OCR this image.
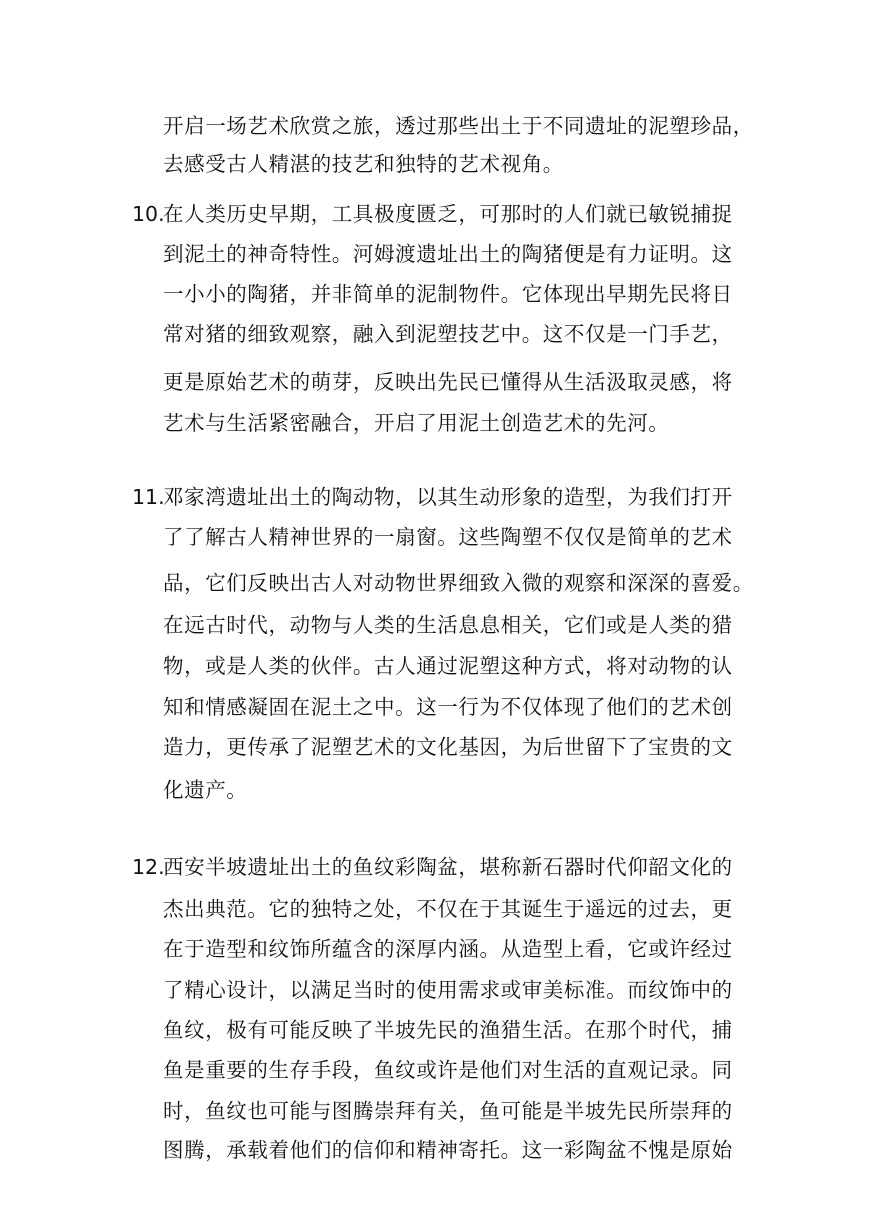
开启一场艺术欣赏之旅，透过那些出土于不同遗址的泥塑珍品，
去感受古人精湛的技艺和独特的艺术视角。
10.
在人类历史早期，工具极度匮乏，可那时的人们就已敏锐捕捉
到泥土的神奇特性。河姆渡遗址出土的陶猪便是有力证明。这
一小小的陶猪，并非简单的泥制物件。它体现出早期先民将日
常对猪的细致观察，融入到泥塑技艺中。这不仅是一门手艺，
更是原始艺术的萌芽，反映出先民已懂得从生活汲取灵感，将
艺术与生活紧密融合，开启了用泥土创造艺术的先河。
11.
邓家湾遗址出土的陶动物，以其生动形象的造型，为我们打开
了了解古人精神世界的一扇窗。这些陶塑不仅仅是简单的艺术
品，它们反映出古人对动物世界细致入微的观察和深深的喜爱。
在远古时代，动物与人类的生活息息相关，它们或是人类的猎
物，或是人类的伙伴。古人通过泥塑这种方式，将对动物的认
知和情感凝固在泥土之中。这一行为不仅体现了他们的艺术创
造力，更传承了泥塑艺术的文化基因，为后世留下了宝贵的文
化遗产。
12.
西安半坡遗址出土的鱼纹彩陶盆，堪称新石器时代仰韶文化的
杰出典范。它的独特之处，不仅在于其诞生于遥远的过去，更
在于造型和纹饰所蕴含的深厚内涵。从造型上看，它或许经过
了精心设计，以满足当时的使用需求或审美标准。而纹饰中的
鱼纹，极有可能反映了半坡先民的渔猎生活。在那个时代，捕
鱼是重要的生存手段，鱼纹或许是他们对生活的直观记录。同
时，鱼纹也可能与图腾崇拜有关，鱼可能是半坡先民所崇拜的
图腾，承载着他们的信仰和精神寄托。这一彩陶盆不愧是原始
